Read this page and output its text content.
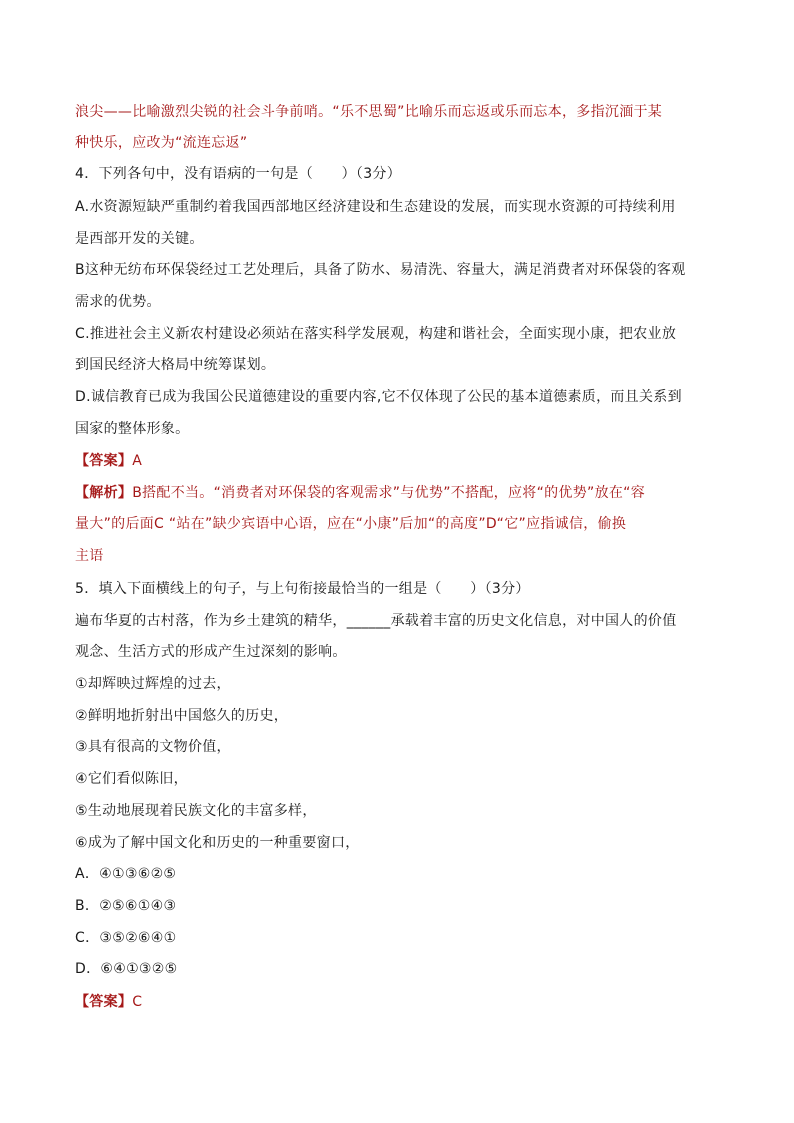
浪尖——比喻激烈尖锐的社会斗争前哨。“乐不思蜀”比喻乐而忘返或乐而忘本，多指沉湎于某
种快乐，应改为“流连忘返”
4．下列各句中，没有语病的一句是（　　）（3分）
A.水资源短缺严重制约着我国西部地区经济建设和生态建设的发展，而实现水资源的可持续利用
是西部开发的关键。
B这种无纺布环保袋经过工艺处理后，具备了防水、易清洗、容量大，满足消费者对环保袋的客观
需求的优势。
C.推进社会主义新农村建设必须站在落实科学发展观，构建和谐社会，全面实现小康，把农业放
到国民经济大格局中统筹谋划。
D.诚信教育已成为我国公民道德建设的重要内容,它不仅体现了公民的基本道德素质，而且关系到
国家的整体形象。
【答案】A
【解析】B搭配不当。“消费者对环保袋的客观需求”与优势”不搭配，应将“的优势”放在“容
量大”的后面C “站在”缺少宾语中心语，应在“小康”后加“的高度”D“它”应指诚信，偷换
主语
5．填入下面横线上的句子，与上句衔接最恰当的一组是（　　）（3分）
遍布华夏的古村落，作为乡土建筑的精华，______承载着丰富的历史文化信息，对中国人的价值
观念、生活方式的形成产生过深刻的影响。
①却辉映过辉煌的过去，
②鲜明地折射出中国悠久的历史，
③具有很高的文物价值，
④它们看似陈旧，
⑤生动地展现着民族文化的丰富多样，
⑥成为了解中国文化和历史的一种重要窗口，
A．④①③⑥②⑤
B．②⑤⑥①④③
C．③⑤②⑥④①
D．⑥④①③②⑤
【答案】C
